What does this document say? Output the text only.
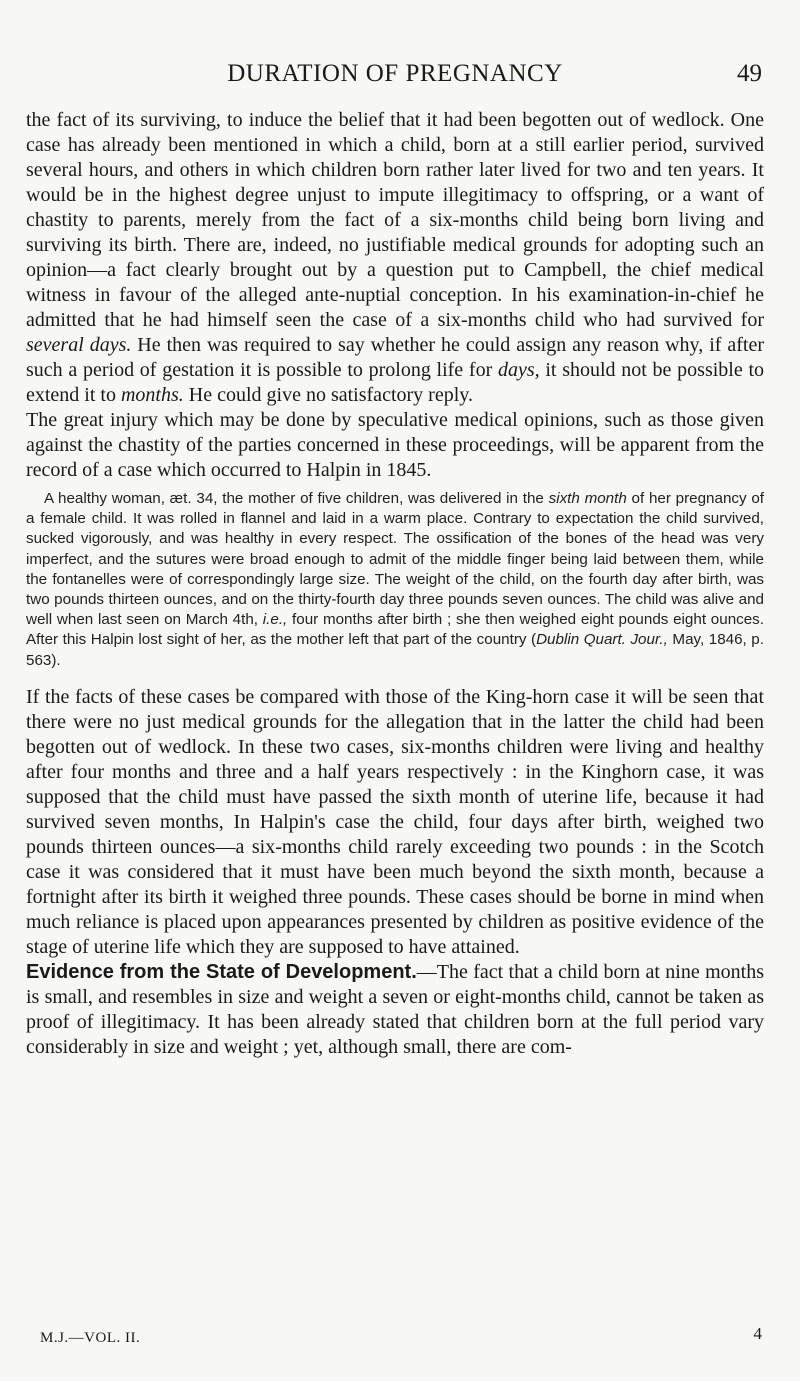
DURATION OF PREGNANCY	49

the fact of its surviving, to induce the belief that it had been begotten out of wedlock. One case has already been mentioned in which a child, born at a still earlier period, survived several hours, and others in which children born rather later lived for two and ten years. It would be in the highest degree unjust to impute illegitimacy to offspring, or a want of chastity to parents, merely from the fact of a six-months child being born living and surviving its birth. There are, indeed, no justifiable medical grounds for adopting such an opinion—a fact clearly brought out by a question put to Campbell, the chief medical witness in favour of the alleged ante-nuptial conception. In his examination-in-chief he admitted that he had himself seen the case of a six-months child who had survived for several days. He then was required to say whether he could assign any reason why, if after such a period of gestation it is possible to prolong life for days, it should not be possible to extend it to months. He could give no satisfactory reply.

The great injury which may be done by speculative medical opinions, such as those given against the chastity of the parties concerned in these proceedings, will be apparent from the record of a case which occurred to Halpin in 1845.

A healthy woman, æt. 34, the mother of five children, was delivered in the sixth month of her pregnancy of a female child. It was rolled in flannel and laid in a warm place. Contrary to expectation the child survived, sucked vigorously, and was healthy in every respect. The ossification of the bones of the head was very imperfect, and the sutures were broad enough to admit of the middle finger being laid between them, while the fontanelles were of correspondingly large size. The weight of the child, on the fourth day after birth, was two pounds thirteen ounces, and on the thirty-fourth day three pounds seven ounces. The child was alive and well when last seen on March 4th, i.e., four months after birth ; she then weighed eight pounds eight ounces. After this Halpin lost sight of her, as the mother left that part of the country (Dublin Quart. Jour., May, 1846, p. 563).

If the facts of these cases be compared with those of the King-horn case it will be seen that there were no just medical grounds for the allegation that in the latter the child had been begotten out of wedlock. In these two cases, six-months children were living and healthy after four months and three and a half years respectively : in the Kinghorn case, it was supposed that the child must have passed the sixth month of uterine life, because it had survived seven months, In Halpin's case the child, four days after birth, weighed two pounds thirteen ounces—a six-months child rarely exceeding two pounds : in the Scotch case it was considered that it must have been much beyond the sixth month, because a fortnight after its birth it weighed three pounds. These cases should be borne in mind when much reliance is placed upon appearances presented by children as positive evidence of the stage of uterine life which they are supposed to have attained.

Evidence from the State of Development.—The fact that a child born at nine months is small, and resembles in size and weight a seven or eight-months child, cannot be taken as proof of illegitimacy. It has been already stated that children born at the full period vary considerably in size and weight ; yet, although small, there are com-

M.J.—VOL. II.	4
